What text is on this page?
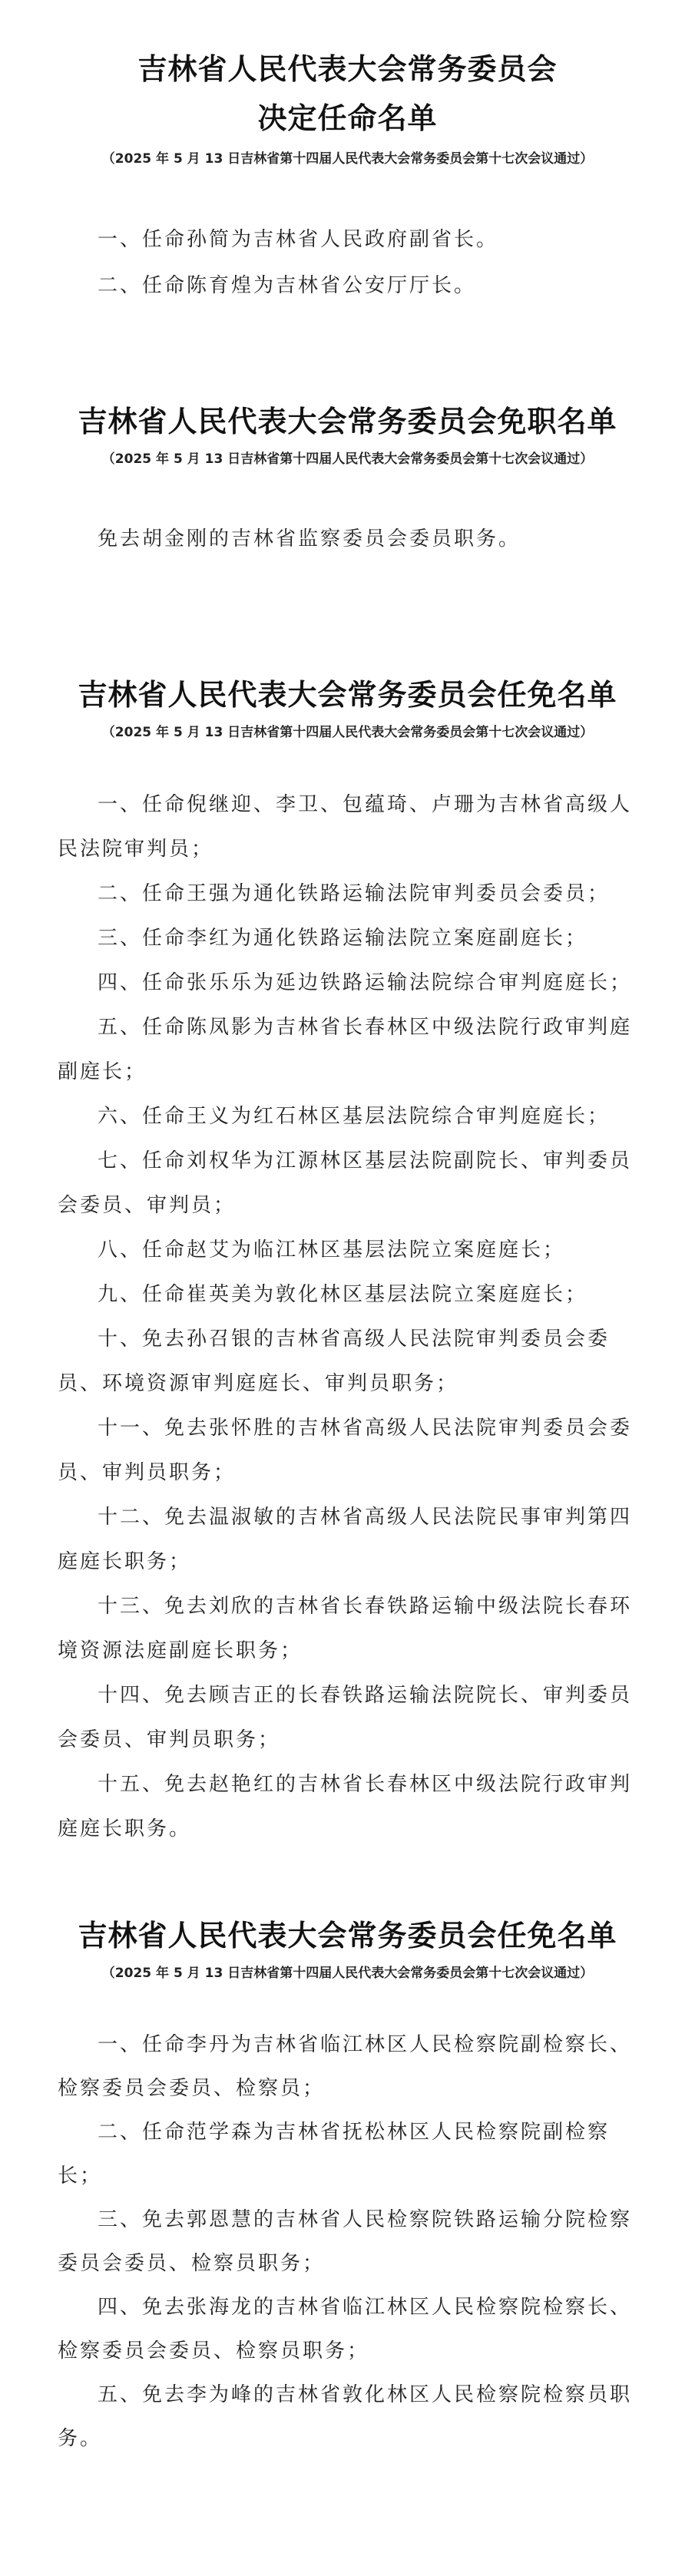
吉林省人民代表大会常务委员会
决定任命名单

（2025 年 5 月 13 日吉林省第十四届人民代表大会常务委员会第十七次会议通过）

一、任命孙简为吉林省人民政府副省长。

二、任命陈育煌为吉林省公安厅厅长。

吉林省人民代表大会常务委员会免职名单

（2025 年 5 月 13 日吉林省第十四届人民代表大会常务委员会第十七次会议通过）

免去胡金刚的吉林省监察委员会委员职务。

吉林省人民代表大会常务委员会任免名单

（2025 年 5 月 13 日吉林省第十四届人民代表大会常务委员会第十七次会议通过）

一、任命倪继迎、李卫、包蕴琦、卢珊为吉林省高级人民法院审判员；

二、任命王强为通化铁路运输法院审判委员会委员；

三、任命李红为通化铁路运输法院立案庭副庭长；

四、任命张乐乐为延边铁路运输法院综合审判庭庭长；

五、任命陈凤影为吉林省长春林区中级法院行政审判庭副庭长；

六、任命王义为红石林区基层法院综合审判庭庭长；

七、任命刘权华为江源林区基层法院副院长、审判委员会委员、审判员；

八、任命赵艾为临江林区基层法院立案庭庭长；

九、任命崔英美为敦化林区基层法院立案庭庭长；

十、免去孙召银的吉林省高级人民法院审判委员会委员、环境资源审判庭庭长、审判员职务；

十一、免去张怀胜的吉林省高级人民法院审判委员会委员、审判员职务；

十二、免去温淑敏的吉林省高级人民法院民事审判第四庭庭长职务；

十三、免去刘欣的吉林省长春铁路运输中级法院长春环境资源法庭副庭长职务；

十四、免去顾吉正的长春铁路运输法院院长、审判委员会委员、审判员职务；

十五、免去赵艳红的吉林省长春林区中级法院行政审判庭庭长职务。

吉林省人民代表大会常务委员会任免名单

（2025 年 5 月 13 日吉林省第十四届人民代表大会常务委员会第十七次会议通过）

一、任命李丹为吉林省临江林区人民检察院副检察长、检察委员会委员、检察员；

二、任命范学森为吉林省抚松林区人民检察院副检察长；

三、免去郭恩慧的吉林省人民检察院铁路运输分院检察委员会委员、检察员职务；

四、免去张海龙的吉林省临江林区人民检察院检察长、检察委员会委员、检察员职务；

五、免去李为峰的吉林省敦化林区人民检察院检察员职务。
